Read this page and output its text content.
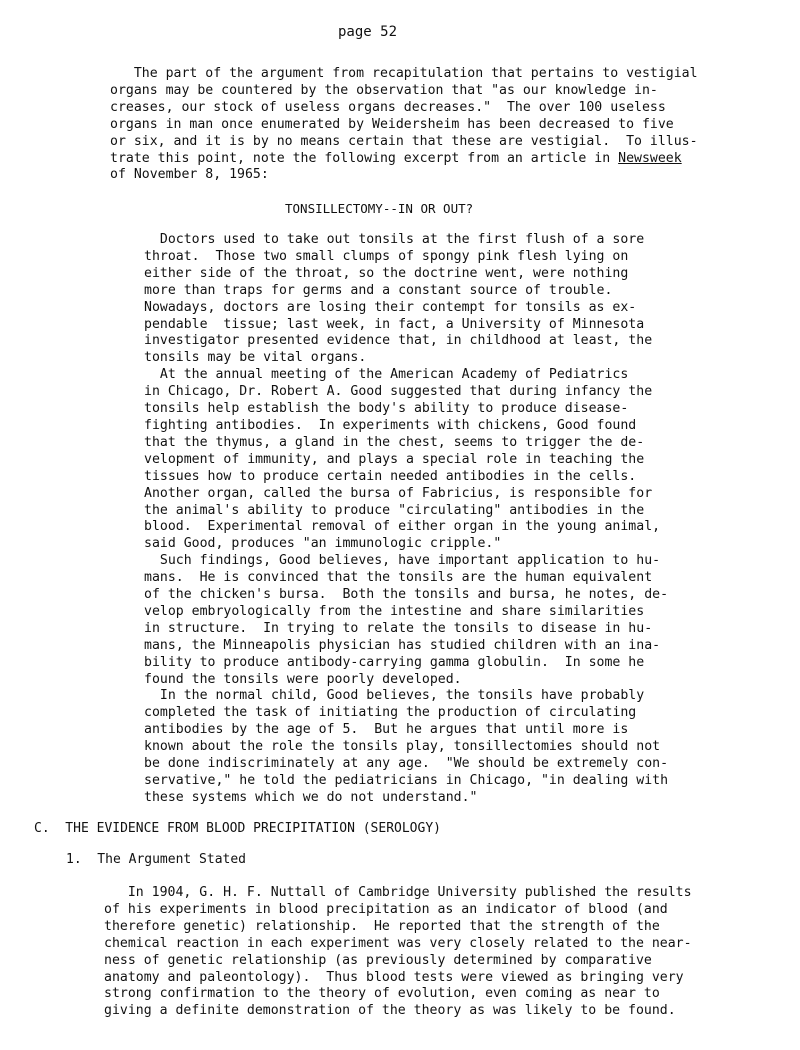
page 52
The part of the argument from recapitulation that pertains to vestigial
organs may be countered by the observation that "as our knowledge in-
creases, our stock of useless organs decreases."  The over 100 useless
organs in man once enumerated by Weidersheim has been decreased to five
or six, and it is by no means certain that these are vestigial.  To illus-
trate this point, note the following excerpt from an article in Newsweek
of November 8, 1965:
TONSILLECTOMY--IN OR OUT?
Doctors used to take out tonsils at the first flush of a sore
throat.  Those two small clumps of spongy pink flesh lying on
either side of the throat, so the doctrine went, were nothing
more than traps for germs and a constant source of trouble.
Nowadays, doctors are losing their contempt for tonsils as ex-
pendable  tissue; last week, in fact, a University of Minnesota
investigator presented evidence that, in childhood at least, the
tonsils may be vital organs.
At the annual meeting of the American Academy of Pediatrics
in Chicago, Dr. Robert A. Good suggested that during infancy the
tonsils help establish the body's ability to produce disease-
fighting antibodies.  In experiments with chickens, Good found
that the thymus, a gland in the chest, seems to trigger the de-
velopment of immunity, and plays a special role in teaching the
tissues how to produce certain needed antibodies in the cells.
Another organ, called the bursa of Fabricius, is responsible for
the animal's ability to produce "circulating" antibodies in the
blood.  Experimental removal of either organ in the young animal,
said Good, produces "an immunologic cripple."
Such findings, Good believes, have important application to hu-
mans.  He is convinced that the tonsils are the human equivalent
of the chicken's bursa.  Both the tonsils and bursa, he notes, de-
velop embryologically from the intestine and share similarities
in structure.  In trying to relate the tonsils to disease in hu-
mans, the Minneapolis physician has studied children with an ina-
bility to produce antibody-carrying gamma globulin.  In some he
found the tonsils were poorly developed.
In the normal child, Good believes, the tonsils have probably
completed the task of initiating the production of circulating
antibodies by the age of 5.  But he argues that until more is
known about the role the tonsils play, tonsillectomies should not
be done indiscriminately at any age.  "We should be extremely con-
servative," he told the pediatricians in Chicago, "in dealing with
these systems which we do not understand."
C.  THE EVIDENCE FROM BLOOD PRECIPITATION (SEROLOGY)
1.  The Argument Stated
In 1904, G. H. F. Nuttall of Cambridge University published the results
of his experiments in blood precipitation as an indicator of blood (and
therefore genetic) relationship.  He reported that the strength of the
chemical reaction in each experiment was very closely related to the near-
ness of genetic relationship (as previously determined by comparative
anatomy and paleontology).  Thus blood tests were viewed as bringing very
strong confirmation to the theory of evolution, even coming as near to
giving a definite demonstration of the theory as was likely to be found.
